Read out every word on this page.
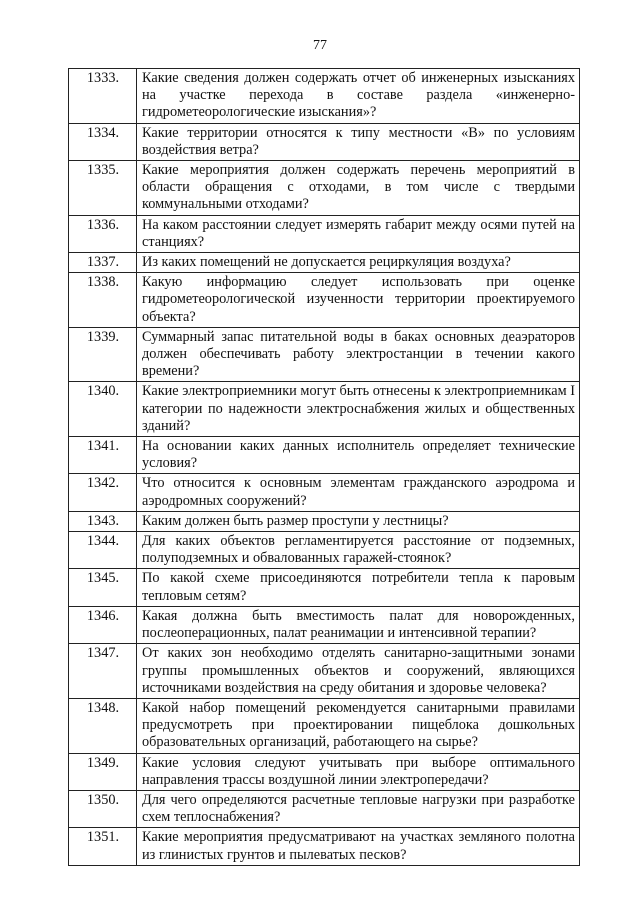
77
1333.	Какие сведения должен содержать отчет об инженерных изысканиях на участке перехода в составе раздела «инженерно-гидрометеорологические изыскания»?
1334.	Какие территории относятся к типу местности «В» по условиям воздействия ветра?
1335.	Какие мероприятия должен содержать перечень мероприятий в области обращения с отходами, в том числе с твердыми коммунальными отходами?
1336.	На каком расстоянии следует измерять габарит между осями путей на станциях?
1337.	Из каких помещений не допускается рециркуляция воздуха?
1338.	Какую информацию следует использовать при оценке гидрометеорологической изученности территории проектируемого объекта?
1339.	Суммарный запас питательной воды в баках основных деаэраторов должен обеспечивать работу электростанции в течении какого времени?
1340.	Какие электроприемники могут быть отнесены к электроприемникам I категории по надежности электроснабжения жилых и общественных зданий?
1341.	На основании каких данных исполнитель определяет технические условия?
1342.	Что относится к основным элементам гражданского аэродрома и аэродромных сооружений?
1343.	Каким должен быть размер проступи у лестницы?
1344.	Для каких объектов регламентируется расстояние от подземных, полуподземных и обвалованных гаражей-стоянок?
1345.	По какой схеме присоединяются потребители тепла к паровым тепловым сетям?
1346.	Какая должна быть вместимость палат для новорожденных, послеоперационных, палат реанимации и интенсивной терапии?
1347.	От каких зон необходимо отделять санитарно-защитными зонами группы промышленных объектов и сооружений, являющихся источниками воздействия на среду обитания и здоровье человека?
1348.	Какой набор помещений рекомендуется санитарными правилами предусмотреть при проектировании пищеблока дошкольных образовательных организаций, работающего на сырье?
1349.	Какие условия следуют учитывать при выборе оптимального направления трассы воздушной линии электропередачи?
1350.	Для чего определяются расчетные тепловые нагрузки при разработке схем теплоснабжения?
1351.	Какие мероприятия предусматривают на участках земляного полотна из глинистых грунтов и пылеватых песков?
